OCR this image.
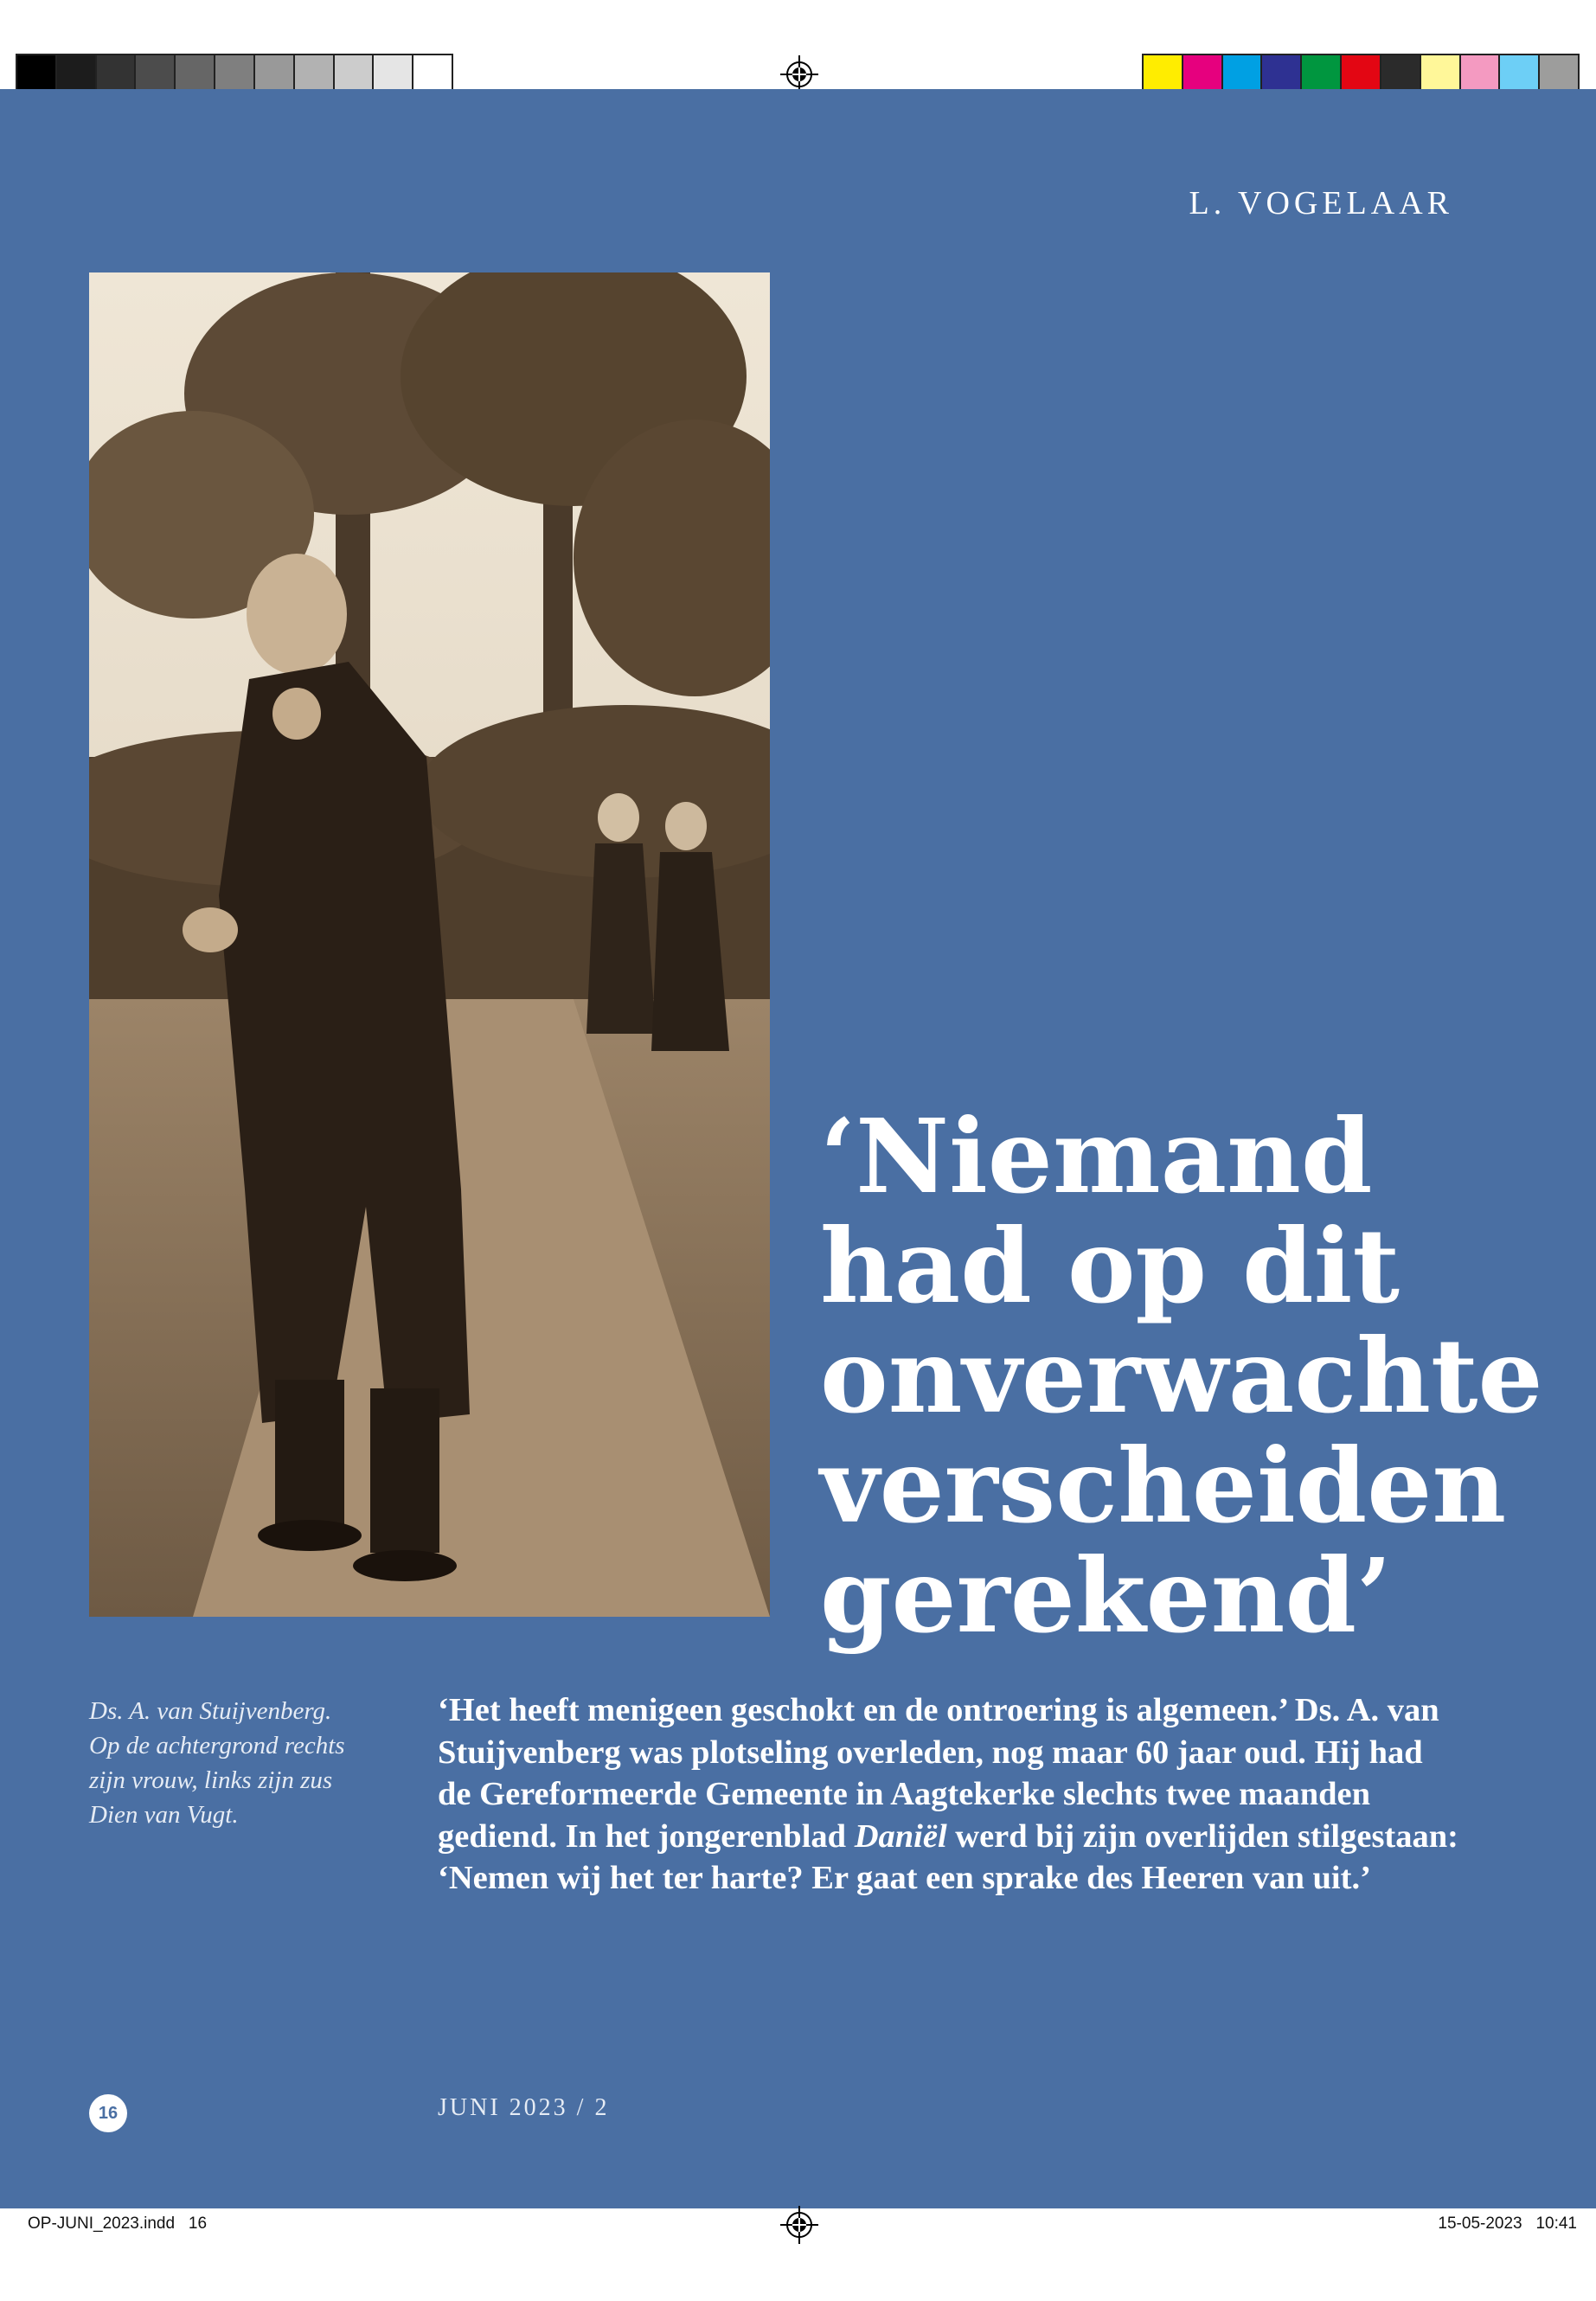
L. VOGELAAR
‘Niemand
had op dit
onverwachte
verscheiden
gerekend’
Ds. A. van Stuijvenberg.
Op de achtergrond rechts
zijn vrouw, links zijn zus
Dien van Vugt.
‘Het heeft menigeen geschokt en de ontroering is algemeen.’ Ds. A. van Stuijvenberg was plotseling overleden, nog maar 60 jaar oud. Hij had de Gereformeerde Gemeente in Aagtekerke slechts twee maanden gediend. In het jongerenblad Daniël werd bij zijn overlijden stilgestaan: ‘Nemen wij het ter harte? Er gaat een sprake des Heeren van uit.’
16	JUNI 2023 / 2
OP-JUNI_2023.indd   16	15-05-2023   10:41
